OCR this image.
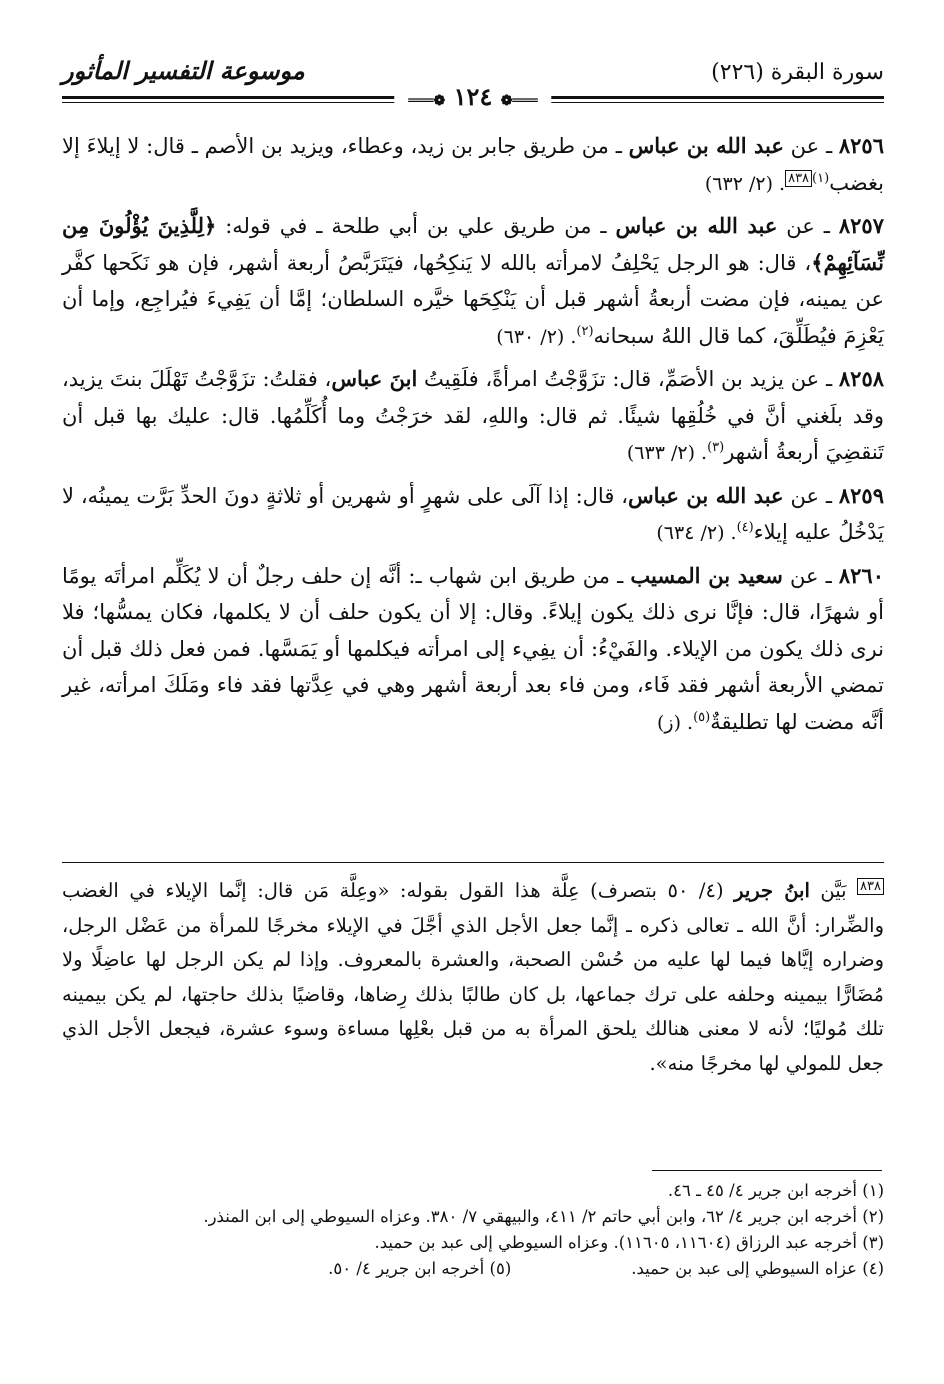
سورة البقرة (٢٢٦)
موسوعة التفسير المأثور
═══❁ ١٢٤ ❁═══

٨٢٥٦ ـ عن عبد الله بن عباس ـ من طريق جابر بن زيد، وعطاء، ويزيد بن الأصم ـ قال: لا إيلاءَ إلا بغضب$^{(١)}$٨٣٨. (٢/ ٦٣٢)

٨٢٥٧ ـ عن عبد الله بن عباس ـ من طريق علي بن أبي طلحة ـ في قوله: ﴿لِلَّذِينَ يُؤْلُونَ مِن نِّسَآئِهِمْ﴾، قال: هو الرجل يَحْلِفُ لامرأته بالله لا يَنكِحُها، فيَتَرَبَّصُ أربعة أشهر، فإن هو نَكَحها كفَّر عن يمينه، فإن مضت أربعةُ أشهر قبل أن يَنْكِحَها خيَّره السلطان؛ إمَّا أن يَفِيءَ فيُراجِع، وإما أن يَعْزِمَ فيُطَلِّقَ، كما قال اللهُ سبحانه$^{(٢)}$. (٢/ ٦٣٠)

٨٢٥٨ ـ عن يزيد بن الأصَمِّ، قال: تزَوَّجْتُ امرأةً، فلَقِيتُ ابنَ عباس، فقلتُ: تزَوَّجْتُ تَهْلَلَ بنتَ يزيد، وقد بلَغني أنَّ في خُلُقِها شيئًا. ثم قال: واللهِ، لقد خرَجْتُ وما أُكَلِّمُها. قال: عليك بها قبل أن تَنقضِيَ أربعةُ أشهر$^{(٣)}$. (٢/ ٦٣٣)

٨٢٥٩ ـ عن عبد الله بن عباس، قال: إذا آلَى على شهرٍ أو شهرين أو ثلاثةٍ دونَ الحدِّ بَرَّت يمينُه، لا يَدْخُلُ عليه إيلاء$^{(٤)}$. (٢/ ٦٣٤)

٨٢٦٠ ـ عن سعيد بن المسيب ـ من طريق ابن شهاب ـ: أنَّه إن حلف رجلٌ أن لا يُكَلِّم امرأتَه يومًا أو شهرًا، قال: فإنَّا نرى ذلك يكون إيلاءً. وقال: إلا أن يكون حلف أن لا يكلمها، فكان يمسُّها؛ فلا نرى ذلك يكون من الإيلاء. والفَيْءُ: أن يفِيء إلى امرأته فيكلمها أو يَمَسَّها. فمن فعل ذلك قبل أن تمضي الأربعة أشهر فقد فَاء، ومن فاء بعد أربعة أشهر وهي في عِدَّتها فقد فاء ومَلَكَ امرأته، غير أنَّه مضت لها تطليقةٌ$^{(٥)}$. (ز)

٨٣٨ بَيَّن ابنُ جرير (٤/ ٥٠ بتصرف) عِلَّة هذا القول بقوله: «وعِلَّة مَن قال: إنَّما الإيلاء في الغضب والضِّرار: أنَّ الله ـ تعالى ذكره ـ إنَّما جعل الأجل الذي أجَّلَ في الإيلاء مخرجًا للمرأة من عَضْل الرجل، وضراره إيَّاها فيما لها عليه من حُسْن الصحبة، والعشرة بالمعروف. وإذا لم يكن الرجل لها عاضِلًا ولا مُضَارًّا بيمينه وحلفه على ترك جماعها، بل كان طالبًا بذلك رِضاها، وقاضيًا بذلك حاجتها، لم يكن بيمينه تلك مُوليًا؛ لأنه لا معنى هنالك يلحق المرأة به من قبل بعْلِها مساءة وسوء عشرة، فيجعل الأجل الذي جعل للمولي لها مخرجًا منه».
(١) أخرجه ابن جرير ٤/ ٤٥ ـ ٤٦.
(٢) أخرجه ابن جرير ٤/ ٦٢، وابن أبي حاتم ٢/ ٤١١، والبيهقي ٧/ ٣٨٠. وعزاه السيوطي إلى ابن المنذر.
(٣) أخرجه عبد الرزاق (١١٦٠٤، ١١٦٠٥). وعزاه السيوطي إلى عبد بن حميد.
(٤) عزاه السيوطي إلى عبد بن حميد.(٥) أخرجه ابن جرير ٤/ ٥٠.
